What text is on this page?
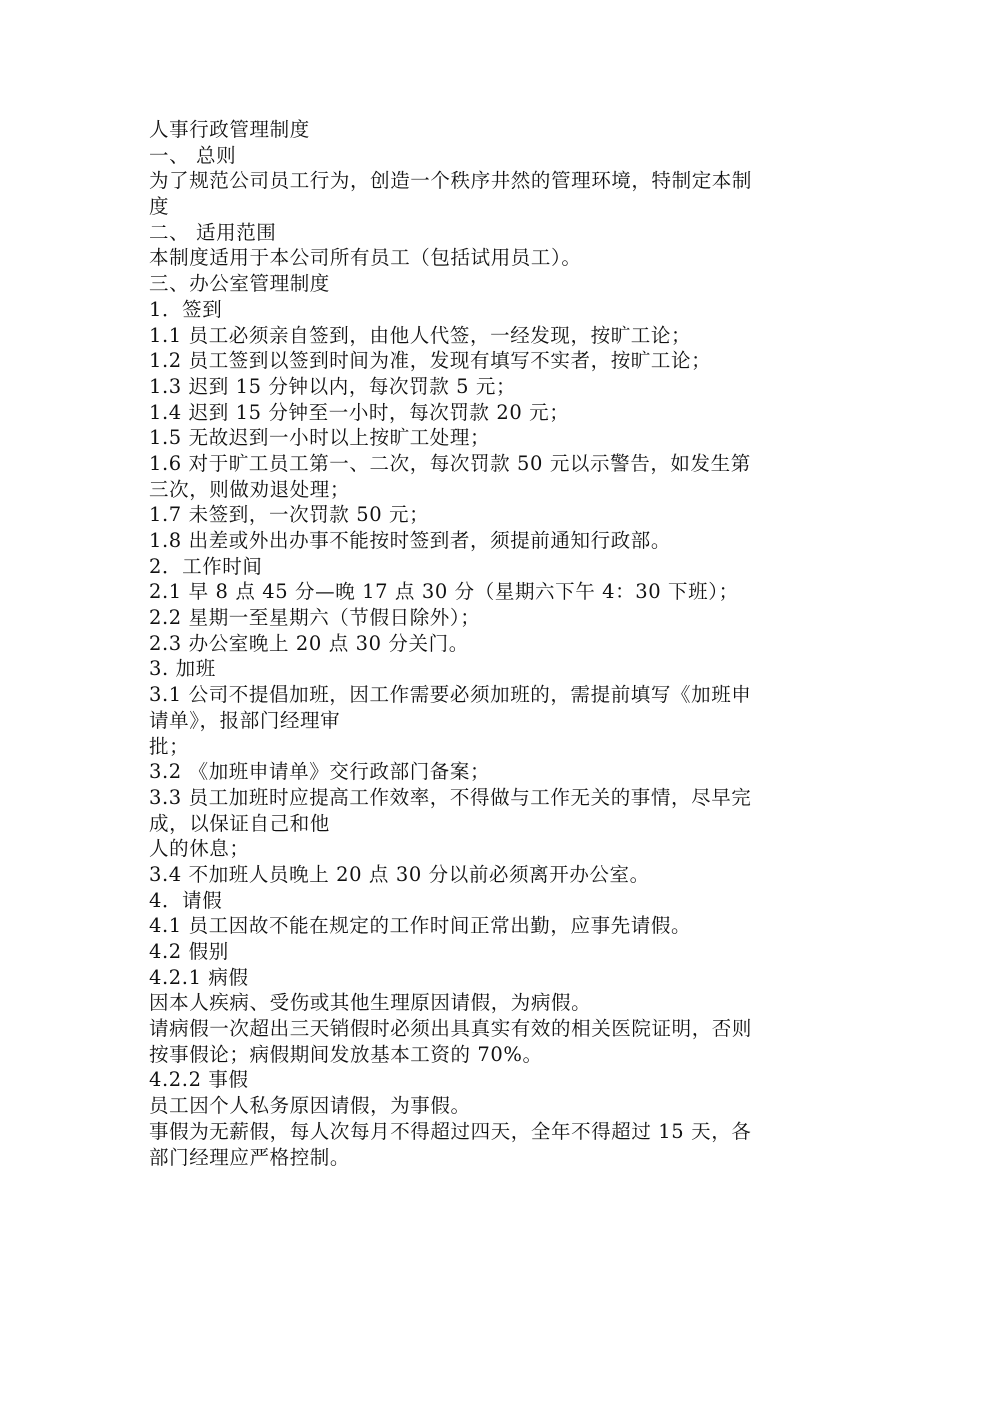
人事行政管理制度
一、 总则
为了规范公司员工行为，创造一个秩序井然的管理环境，特制定本制
度
二、 适用范围
本制度适用于本公司所有员工（包括试用员工）。
三、办公室管理制度
1．签到
1.1 员工必须亲自签到，由他人代签，一经发现，按旷工论；
1.2 员工签到以签到时间为准，发现有填写不实者，按旷工论；
1.3 迟到 15 分钟以内，每次罚款 5 元；
1.4 迟到 15 分钟至一小时，每次罚款 20 元；
1.5 无故迟到一小时以上按旷工处理；
1.6 对于旷工员工第一、二次，每次罚款 50 元以示警告，如发生第
三次，则做劝退处理；
1.7 未签到，一次罚款 50 元；
1.8 出差或外出办事不能按时签到者，须提前通知行政部。
2．工作时间
2.1 早 8 点 45 分—晚 17 点 30 分（星期六下午 4：30 下班）；
2.2 星期一至星期六（节假日除外）；
2.3 办公室晚上 20 点 30 分关门。
3. 加班
3.1 公司不提倡加班，因工作需要必须加班的，需提前填写《加班申
请单》，报部门经理审
批；
3.2 《加班申请单》交行政部门备案；
3.3 员工加班时应提高工作效率，不得做与工作无关的事情，尽早完
成，以保证自己和他
人的休息；
3.4 不加班人员晚上 20 点 30 分以前必须离开办公室。
4．请假
4.1 员工因故不能在规定的工作时间正常出勤，应事先请假。
4.2 假别
4.2.1 病假
因本人疾病、受伤或其他生理原因请假，为病假。
请病假一次超出三天销假时必须出具真实有效的相关医院证明，否则
按事假论；病假期间发放基本工资的 70%。
4.2.2 事假
员工因个人私务原因请假，为事假。
事假为无薪假，每人次每月不得超过四天，全年不得超过 15 天，各
部门经理应严格控制。
